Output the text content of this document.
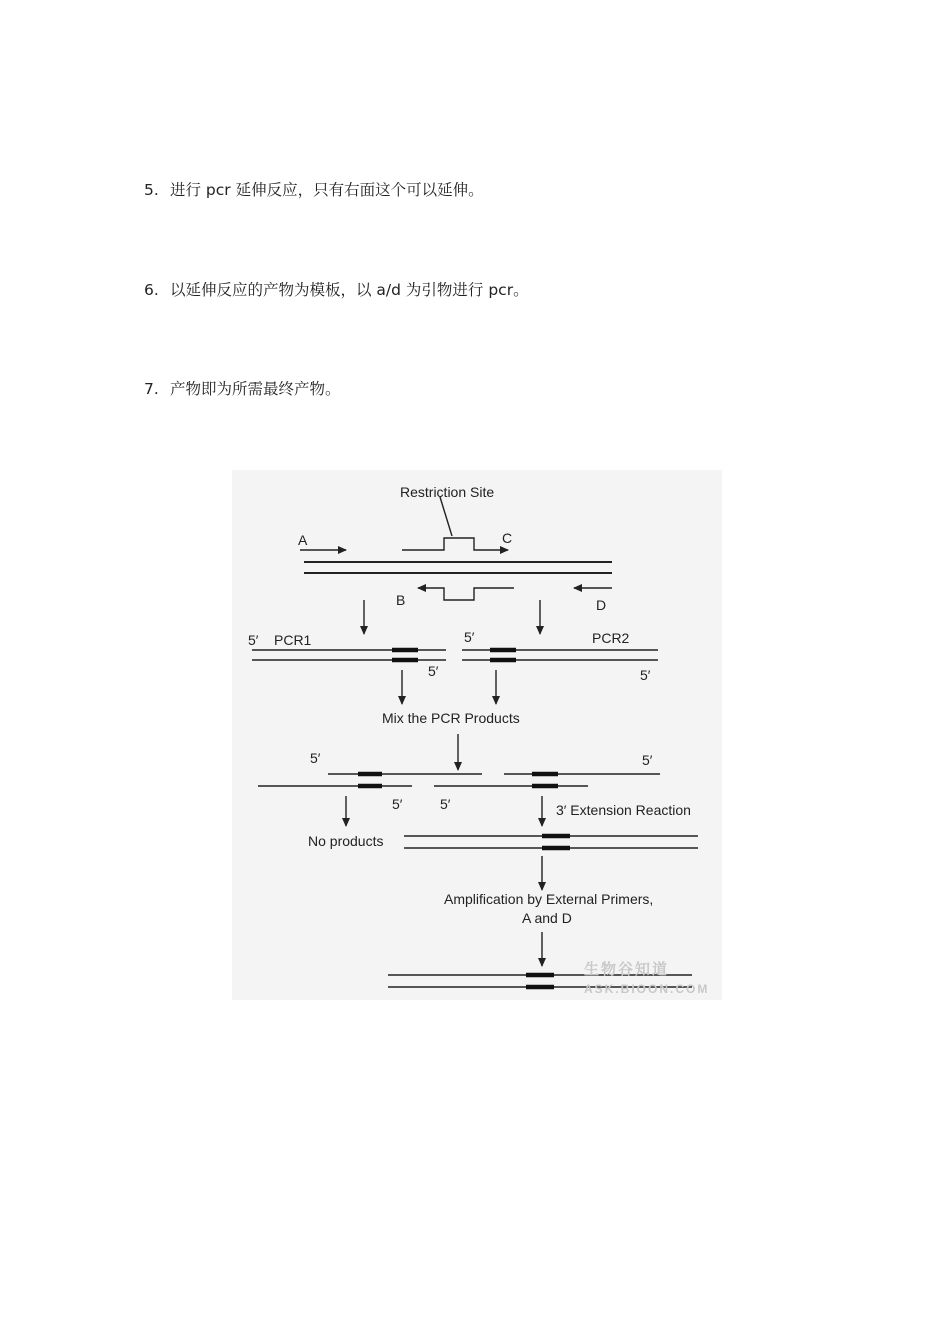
5. 进行 pcr 延伸反应，只有右面这个可以延伸。
6. 以延伸反应的产物为模板，以 a/d 为引物进行 pcr。
7. 产物即为所需最终产物。
Restriction Site
A	C
B	D
5′ PCR1
5′
5′	PCR2
5′
Mix the PCR Products
5′
5′	5′
5′
3′ Extension Reaction
No products
Amplification by External Primers,
A and D
生物谷知道
ASK.BIOON.COM
